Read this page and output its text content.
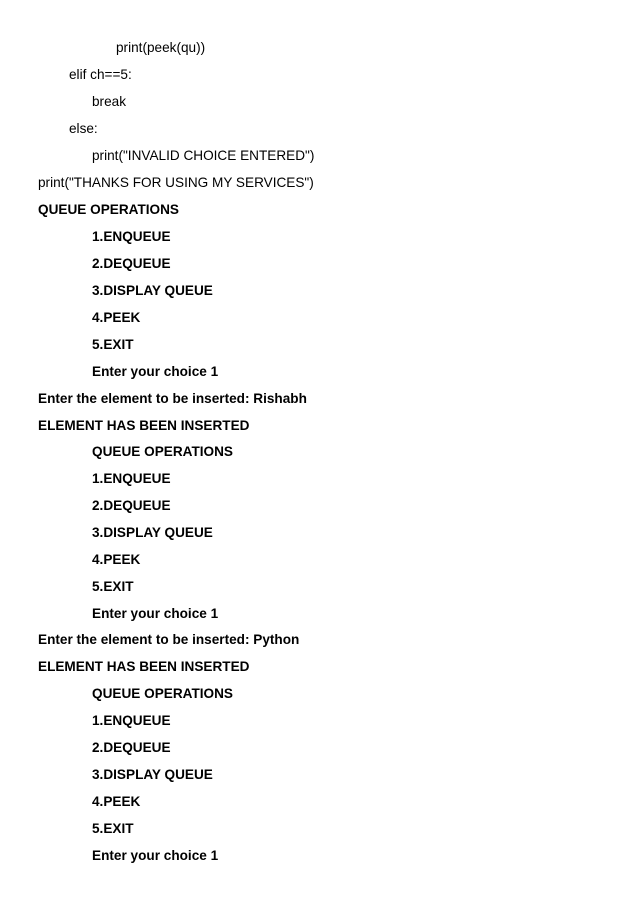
print(peek(qu))
elif ch==5:
break
else:
print("INVALID CHOICE ENTERED")
print("THANKS FOR USING MY SERVICES")
QUEUE OPERATIONS
1.ENQUEUE
2.DEQUEUE
3.DISPLAY QUEUE
4.PEEK
5.EXIT
Enter your choice 1
Enter the element to be inserted: Rishabh
ELEMENT HAS BEEN INSERTED
QUEUE OPERATIONS
1.ENQUEUE
2.DEQUEUE
3.DISPLAY QUEUE
4.PEEK
5.EXIT
Enter your choice 1
Enter the element to be inserted: Python
ELEMENT HAS BEEN INSERTED
QUEUE OPERATIONS
1.ENQUEUE
2.DEQUEUE
3.DISPLAY QUEUE
4.PEEK
5.EXIT
Enter your choice 1
